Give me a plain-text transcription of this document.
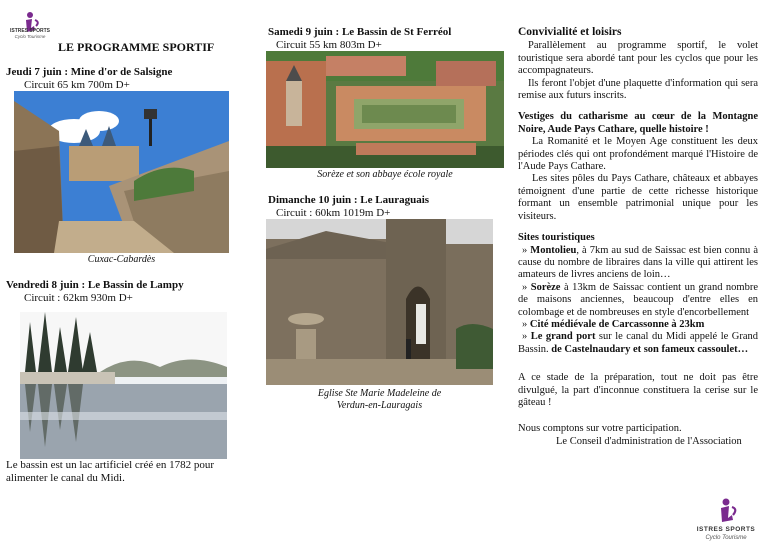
ISTRES SPORTS
Cyclo Tourisme
LE PROGRAMME SPORTIF
Jeudi 7 juin : Mine d'or de Salsigne
Circuit 65 km 700m D+
Cuxac-Cabardès
Vendredi 8 juin : Le Bassin de Lampy
Circuit : 62km 930m D+
Le bassin est un lac artificiel créé en 1782 pour alimenter le canal du Midi.
Samedi 9 juin : Le Bassin de St Ferréol
Circuit 55 km 803m D+
Sorèze et son abbaye école royale
Dimanche 10 juin : Le Lauraguais
Circuit : 60km 1019m D+
Eglise Ste Marie Madeleine de
Verdun-en-Lauragais

Convivialité et loisirs

Parallèlement au programme sportif, le volet touristique sera abordé tant pour les cyclos que pour les accompagnateurs.

Ils feront l'objet d'une plaquette d'information qui sera remise aux futurs inscrits.

Vestiges du catharisme au cœur de la Montagne Noire, Aude Pays Cathare, quelle histoire !

La Romanité et le Moyen Age constituent les deux périodes clés qui ont profondément marqué l'Histoire de l'Aude Pays Cathare.

Les sites pôles du Pays Cathare, châteaux et abbayes témoignent d'une partie de cette richesse historique formant un ensemble patrimonial unique pour les visiteurs.

Sites touristiques

» Montolieu, à 7km au sud de Saissac est bien connu à cause du nombre de libraires dans la ville qui attirent les amateurs de livres anciens de loin…

» Sorèze à 13km de Saissac contient un grand nombre de maisons anciennes, beaucoup d'entre elles en colombage et de nombreuses en style d'encorbellement

» Cité médiévale de Carcassonne à 23km

» Le grand port sur le canal du Midi appelé le Grand Bassin. de Castelnaudary et son fameux cassoulet…

A ce stade de la préparation, tout ne doit pas être divulgué, la part d'inconnue constituera la cerise sur le gâteau !

Nous comptons sur votre participation.

Le Conseil d'administration de l'Association

ISTRES SPORTS
Cyclo Tourisme
